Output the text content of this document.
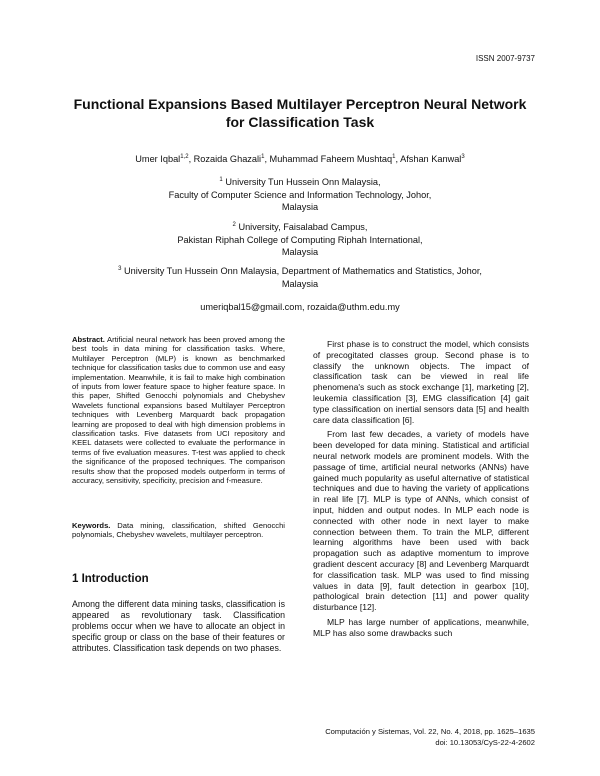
ISSN 2007-9737
Functional Expansions Based Multilayer Perceptron Neural Network
for Classification Task
Umer Iqbal$^{1,2}$, Rozaida Ghazali$^1$, Muhammad Faheem Mushtaq$^1$, Afshan Kanwal$^3$
$^1$ University Tun Hussein Onn Malaysia,
Faculty of Computer Science and Information Technology, Johor,
Malaysia
$^2$ University, Faisalabad Campus,
Pakistan Riphah College of Computing Riphah International,
Malaysia
$^3$ University Tun Hussein Onn Malaysia, Department of Mathematics and Statistics, Johor,
Malaysia
umeriqbal15@gmail.com, rozaida@uthm.edu.my
Abstract. Artificial neural network has been proved among the best tools in data mining for classification tasks. Where, Multilayer Perceptron (MLP) is known as benchmarked technique for classification tasks due to common use and easy implementation. Meanwhile, it is fail to make high combination of inputs from lower feature space to higher feature space. In this paper, Shifted Genocchi polynomials and Chebyshev Wavelets functional expansions based Multilayer Perceptron techniques with Levenberg Marquardt back propagation learning are proposed to deal with high dimension problems in classification tasks. Five datasets from UCI repository and KEEL datasets were collected to evaluate the performance in terms of five evaluation measures. T-test was applied to check the significance of the proposed techniques. The comparison results show that the proposed models outperform in terms of accuracy, sensitivity, specificity, precision and f-measure.
Keywords. Data mining, classification, shifted Genocchi polynomials, Chebyshev wavelets, multilayer perceptron.
1 Introduction
Among the different data mining tasks, classification is appeared as revolutionary task. Classification problems occur when we have to allocate an object in specific group or class on the base of their features or attributes. Classification task depends on two phases.

First phase is to construct the model, which consists of precogitated classes group. Second phase is to classify the unknown objects. The impact of classification task can be viewed in real life phenomena's such as stock exchange [1], marketing [2], leukemia classification [3], EMG classification [4] gait type classification on inertial sensors data [5] and health care data classification [6].

From last few decades, a variety of models have been developed for data mining. Statistical and artificial neural network models are prominent models. With the passage of time, artificial neural networks (ANNs) have gained much popularity as useful alternative of statistical techniques and due to having the variety of applications in real life [7]. MLP is type of ANNs, which consist of input, hidden and output nodes. In MLP each node is connected with other node in next layer to make connection between them. To train the MLP, different learning algorithms have been used with back propagation such as adaptive momentum to improve gradient descent accuracy [8] and Levenberg Marquardt for classification task. MLP was used to find missing values in data [9], fault detection in gearbox [10], pathological brain detection [11] and power quality disturbance [12].

MLP has large number of applications, meanwhile, MLP has also some drawbacks such

Computación y Sistemas, Vol. 22, No. 4, 2018, pp. 1625–1635
doi: 10.13053/CyS-22-4-2602
